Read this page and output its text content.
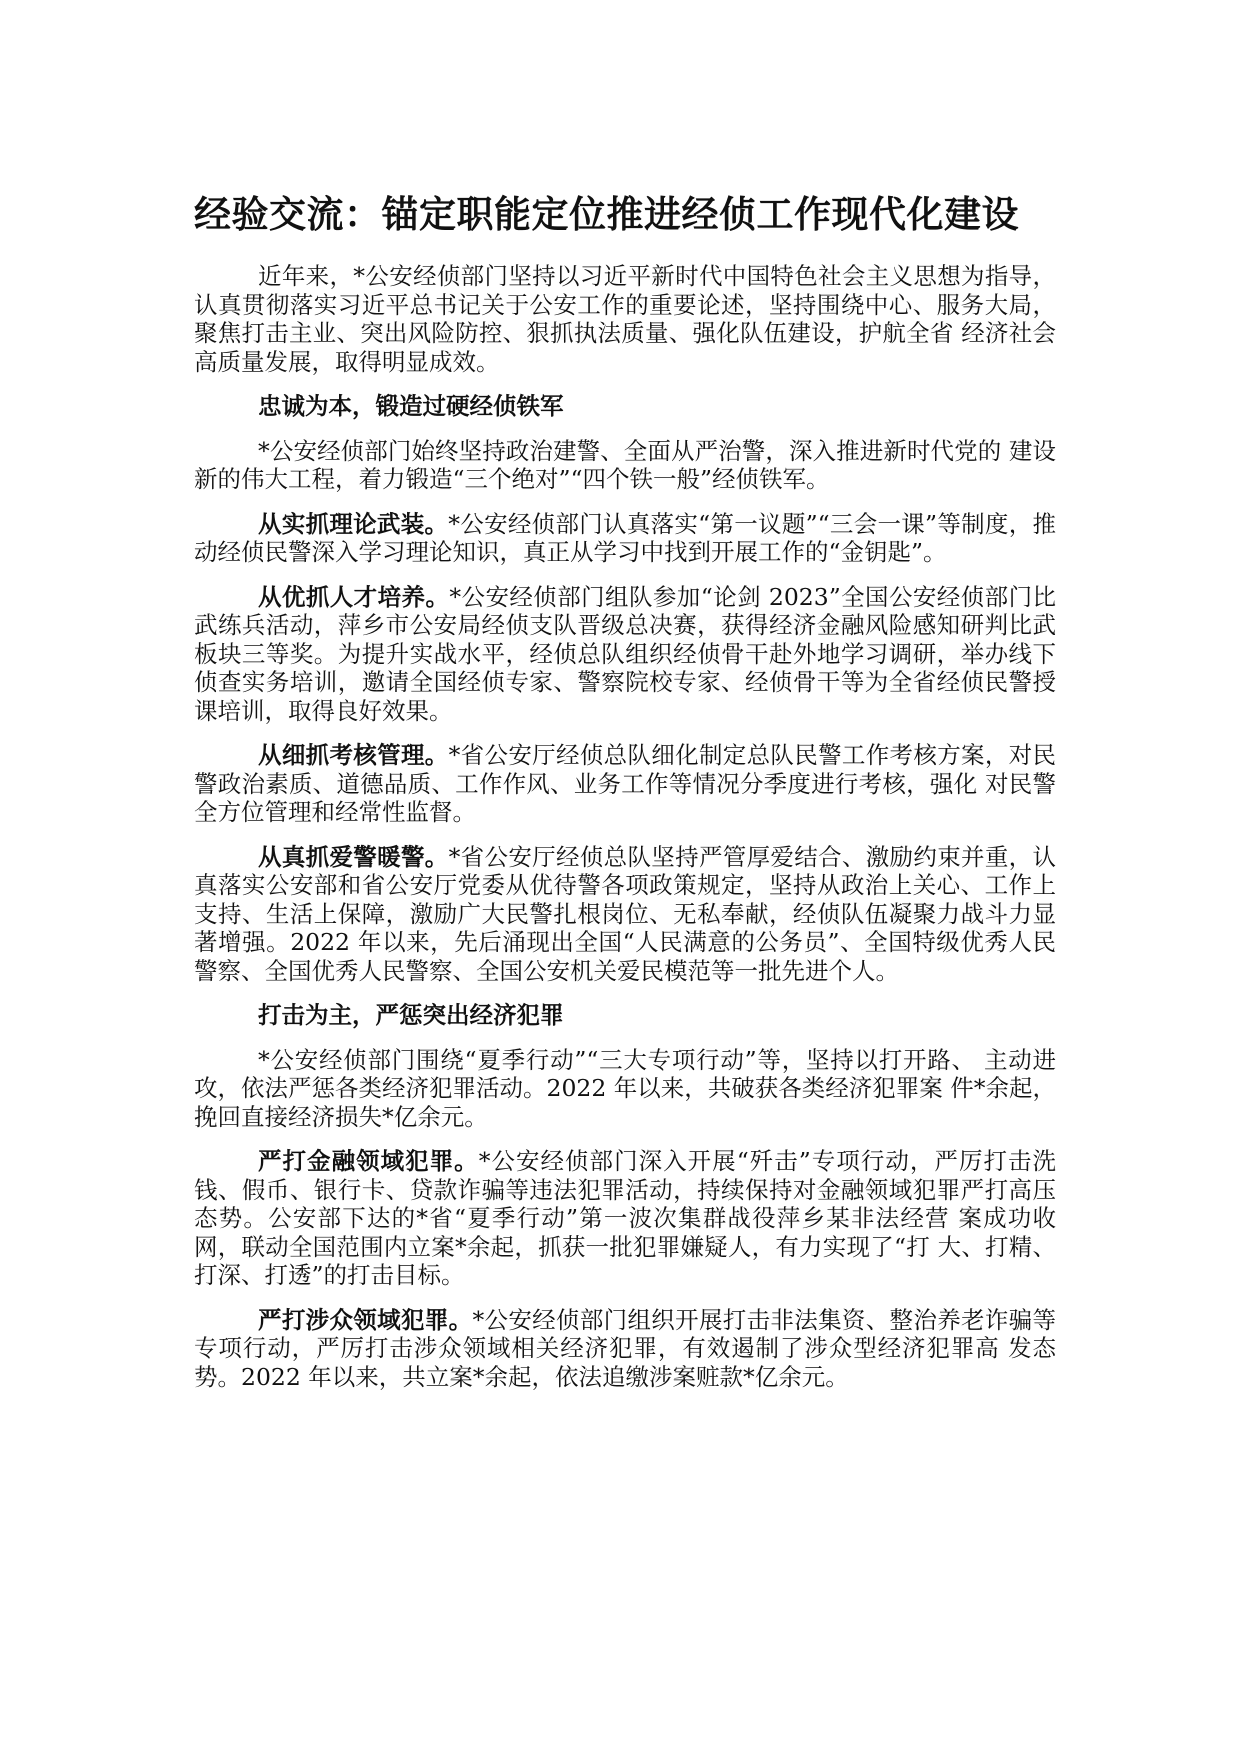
经验交流：锚定职能定位推进经侦工作现代化建设

近年来，*公安经侦部门坚持以习近平新时代中国特色社会主义思想为指导，认真贯彻落实习近平总书记关于公安工作的重要论述，坚持围绕中心、服务大局，聚焦打击主业、突出风险防控、狠抓执法质量、强化队伍建设，护航全省 经济社会高质量发展，取得明显成效。

忠诚为本，锻造过硬经侦铁军

*公安经侦部门始终坚持政治建警、全面从严治警，深入推进新时代党的 建设新的伟大工程，着力锻造“三个绝对”“四个铁一般”经侦铁军。

从实抓理论武装。*公安经侦部门认真落实“第一议题”“三会一课”等制度，推动经侦民警深入学习理论知识，真正从学习中找到开展工作的“金钥匙”。

从优抓人才培养。*公安经侦部门组队参加“论剑 2023”全国公安经侦部门比武练兵活动，萍乡市公安局经侦支队晋级总决赛，获得经济金融风险感知研判比武板块三等奖。为提升实战水平，经侦总队组织经侦骨干赴外地学习调研，举办线下侦查实务培训，邀请全国经侦专家、警察院校专家、经侦骨干等为全省经侦民警授课培训，取得良好效果。

从细抓考核管理。*省公安厅经侦总队细化制定总队民警工作考核方案，对民警政治素质、道德品质、工作作风、业务工作等情况分季度进行考核，强化 对民警全方位管理和经常性监督。

从真抓爱警暖警。*省公安厅经侦总队坚持严管厚爱结合、激励约束并重，认真落实公安部和省公安厅党委从优待警各项政策规定，坚持从政治上关心、工作上支持、生活上保障，激励广大民警扎根岗位、无私奉献，经侦队伍凝聚力战斗力显著增强。2022 年以来，先后涌现出全国“人民满意的公务员”、全国特级优秀人民警察、全国优秀人民警察、全国公安机关爱民模范等一批先进个人。

打击为主，严惩突出经济犯罪

*公安经侦部门围绕“夏季行动”“三大专项行动”等，坚持以打开路、 主动进攻，依法严惩各类经济犯罪活动。2022 年以来，共破获各类经济犯罪案 件*余起，挽回直接经济损失*亿余元。

严打金融领域犯罪。*公安经侦部门深入开展“歼击”专项行动，严厉打击洗钱、假币、银行卡、贷款诈骗等违法犯罪活动，持续保持对金融领域犯罪严打高压态势。公安部下达的*省“夏季行动”第一波次集群战役萍乡某非法经营 案成功收网，联动全国范围内立案*余起，抓获一批犯罪嫌疑人，有力实现了“打 大、打精、打深、打透”的打击目标。

严打涉众领域犯罪。*公安经侦部门组织开展打击非法集资、整治养老诈骗等专项行动，严厉打击涉众领域相关经济犯罪，有效遏制了涉众型经济犯罪高 发态势。2022 年以来，共立案*余起，依法追缴涉案赃款*亿余元。
